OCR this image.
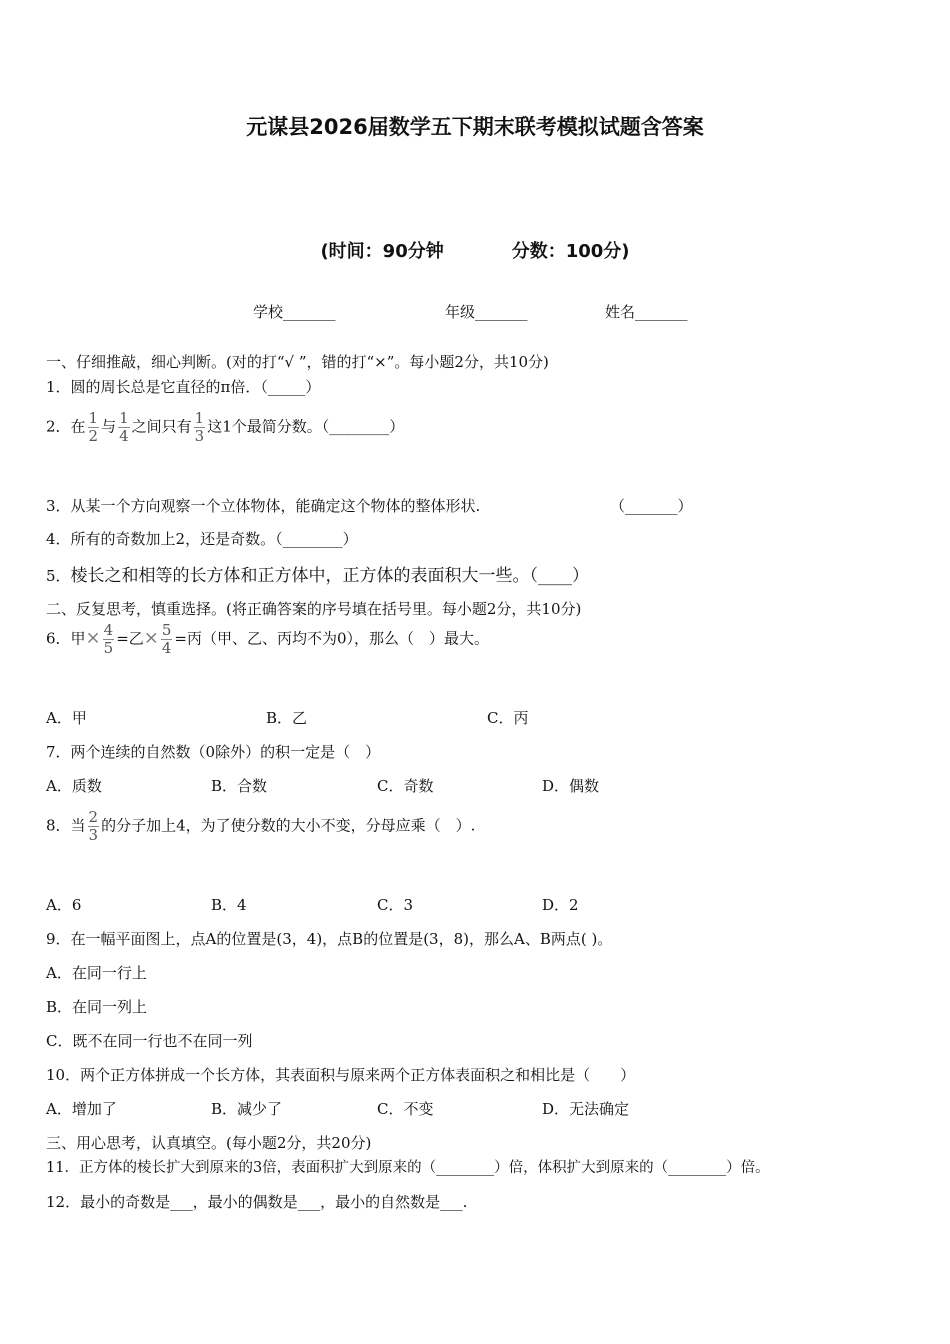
元谋县2026届数学五下期末联考模拟试题含答案
(时间：90分钟	分数：100分)
学校_______	年级_______	姓名_______
一、仔细推敲，细心判断。(对的打“√ ”，错的打“×”。每小题2分，共10分)
1．圆的周长总是它直径的π倍．（_____）
2．在 $\frac{1}{2}$ 与 $\frac{1}{4}$ 之间只有 $\frac{1}{3}$ 这1个最简分数。（________）
3．从某一个方向观察一个立体物体，能确定这个物体的整体形状.	（_______）
4．所有的奇数加上2，还是奇数。（________）
5．棱长之和相等的长方体和正方体中，正方体的表面积大一些。（____）
二、反复思考，慎重选择。(将正确答案的序号填在括号里。每小题2分，共10分)
6．甲× $\frac{4}{5}$ =乙× $\frac{5}{4}$ =丙（甲、乙、丙均不为0），那么（　）最大。
A．甲	B．乙	C．丙
7．两个连续的自然数（0除外）的积一定是（　）
A．质数	B．合数	C．奇数	D．偶数
8．当 $\frac{2}{3}$ 的分子加上4，为了使分数的大小不变，分母应乘（　）.
A．6	B．4	C．3	D．2
9．在一幅平面图上，点A的位置是(3，4)，点B的位置是(3，8)，那么A、B两点( )。
A．在同一行上
B．在同一列上
C．既不在同一行也不在同一列
10．两个正方体拼成一个长方体，其表面积与原来两个正方体表面积之和相比是（　　）
A．增加了	B．减少了	C．不变	D．无法确定
三、用心思考，认真填空。(每小题2分，共20分)
11．正方体的棱长扩大到原来的3倍，表面积扩大到原来的（________）倍，体积扩大到原来的（________）倍。
12．最小的奇数是___，最小的偶数是___，最小的自然数是___.
